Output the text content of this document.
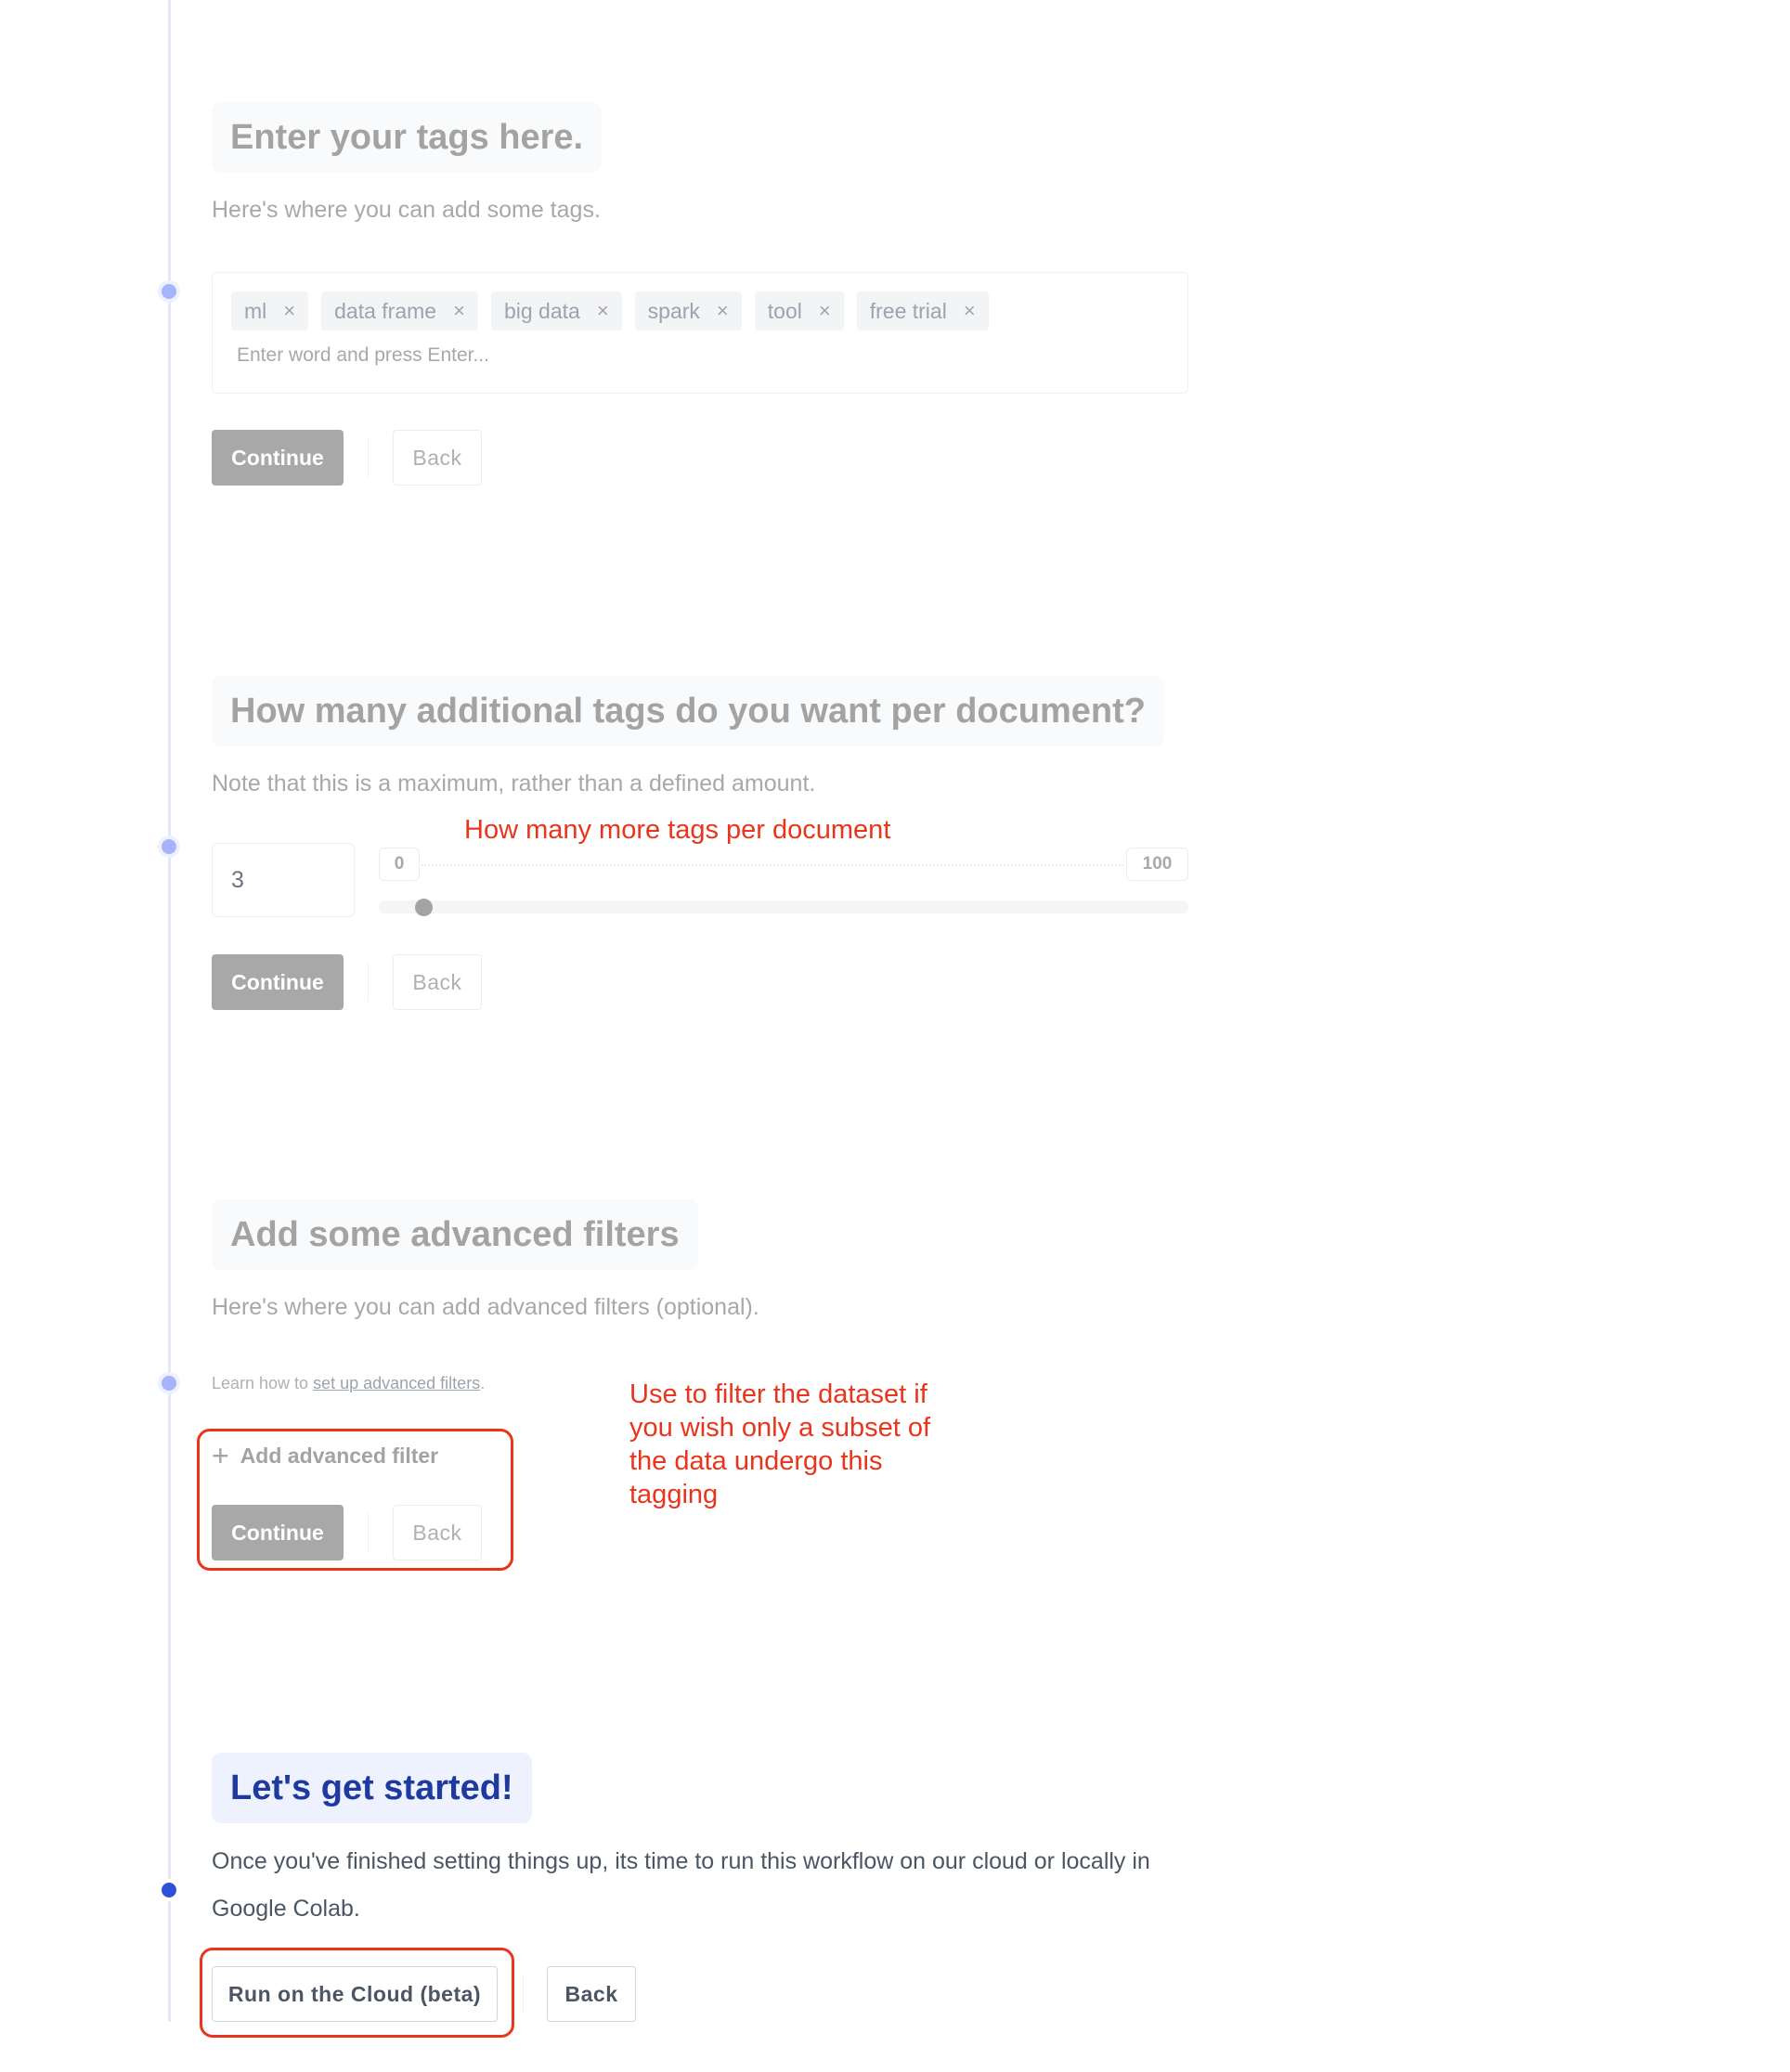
Enter your tags here.
Here's where you can add some tags.
ml × data frame × big data × spark × tool × free trial ×
Enter word and press Enter...
Continue	Back
How many additional tags do you want per document?
Note that this is a maximum, rather than a defined amount.
How many more tags per document
3
0	100
Continue	Back
Add some advanced filters
Here's where you can add advanced filters (optional).
Learn how to set up advanced filters.	Use to filter the dataset if you wish only a subset of the data undergo this tagging
+ Add advanced filter
Continue	Back
Let's get started!
Once you've finished setting things up, its time to run this workflow on our cloud or locally in Google Colab.
Run on the Cloud (beta)	Back
